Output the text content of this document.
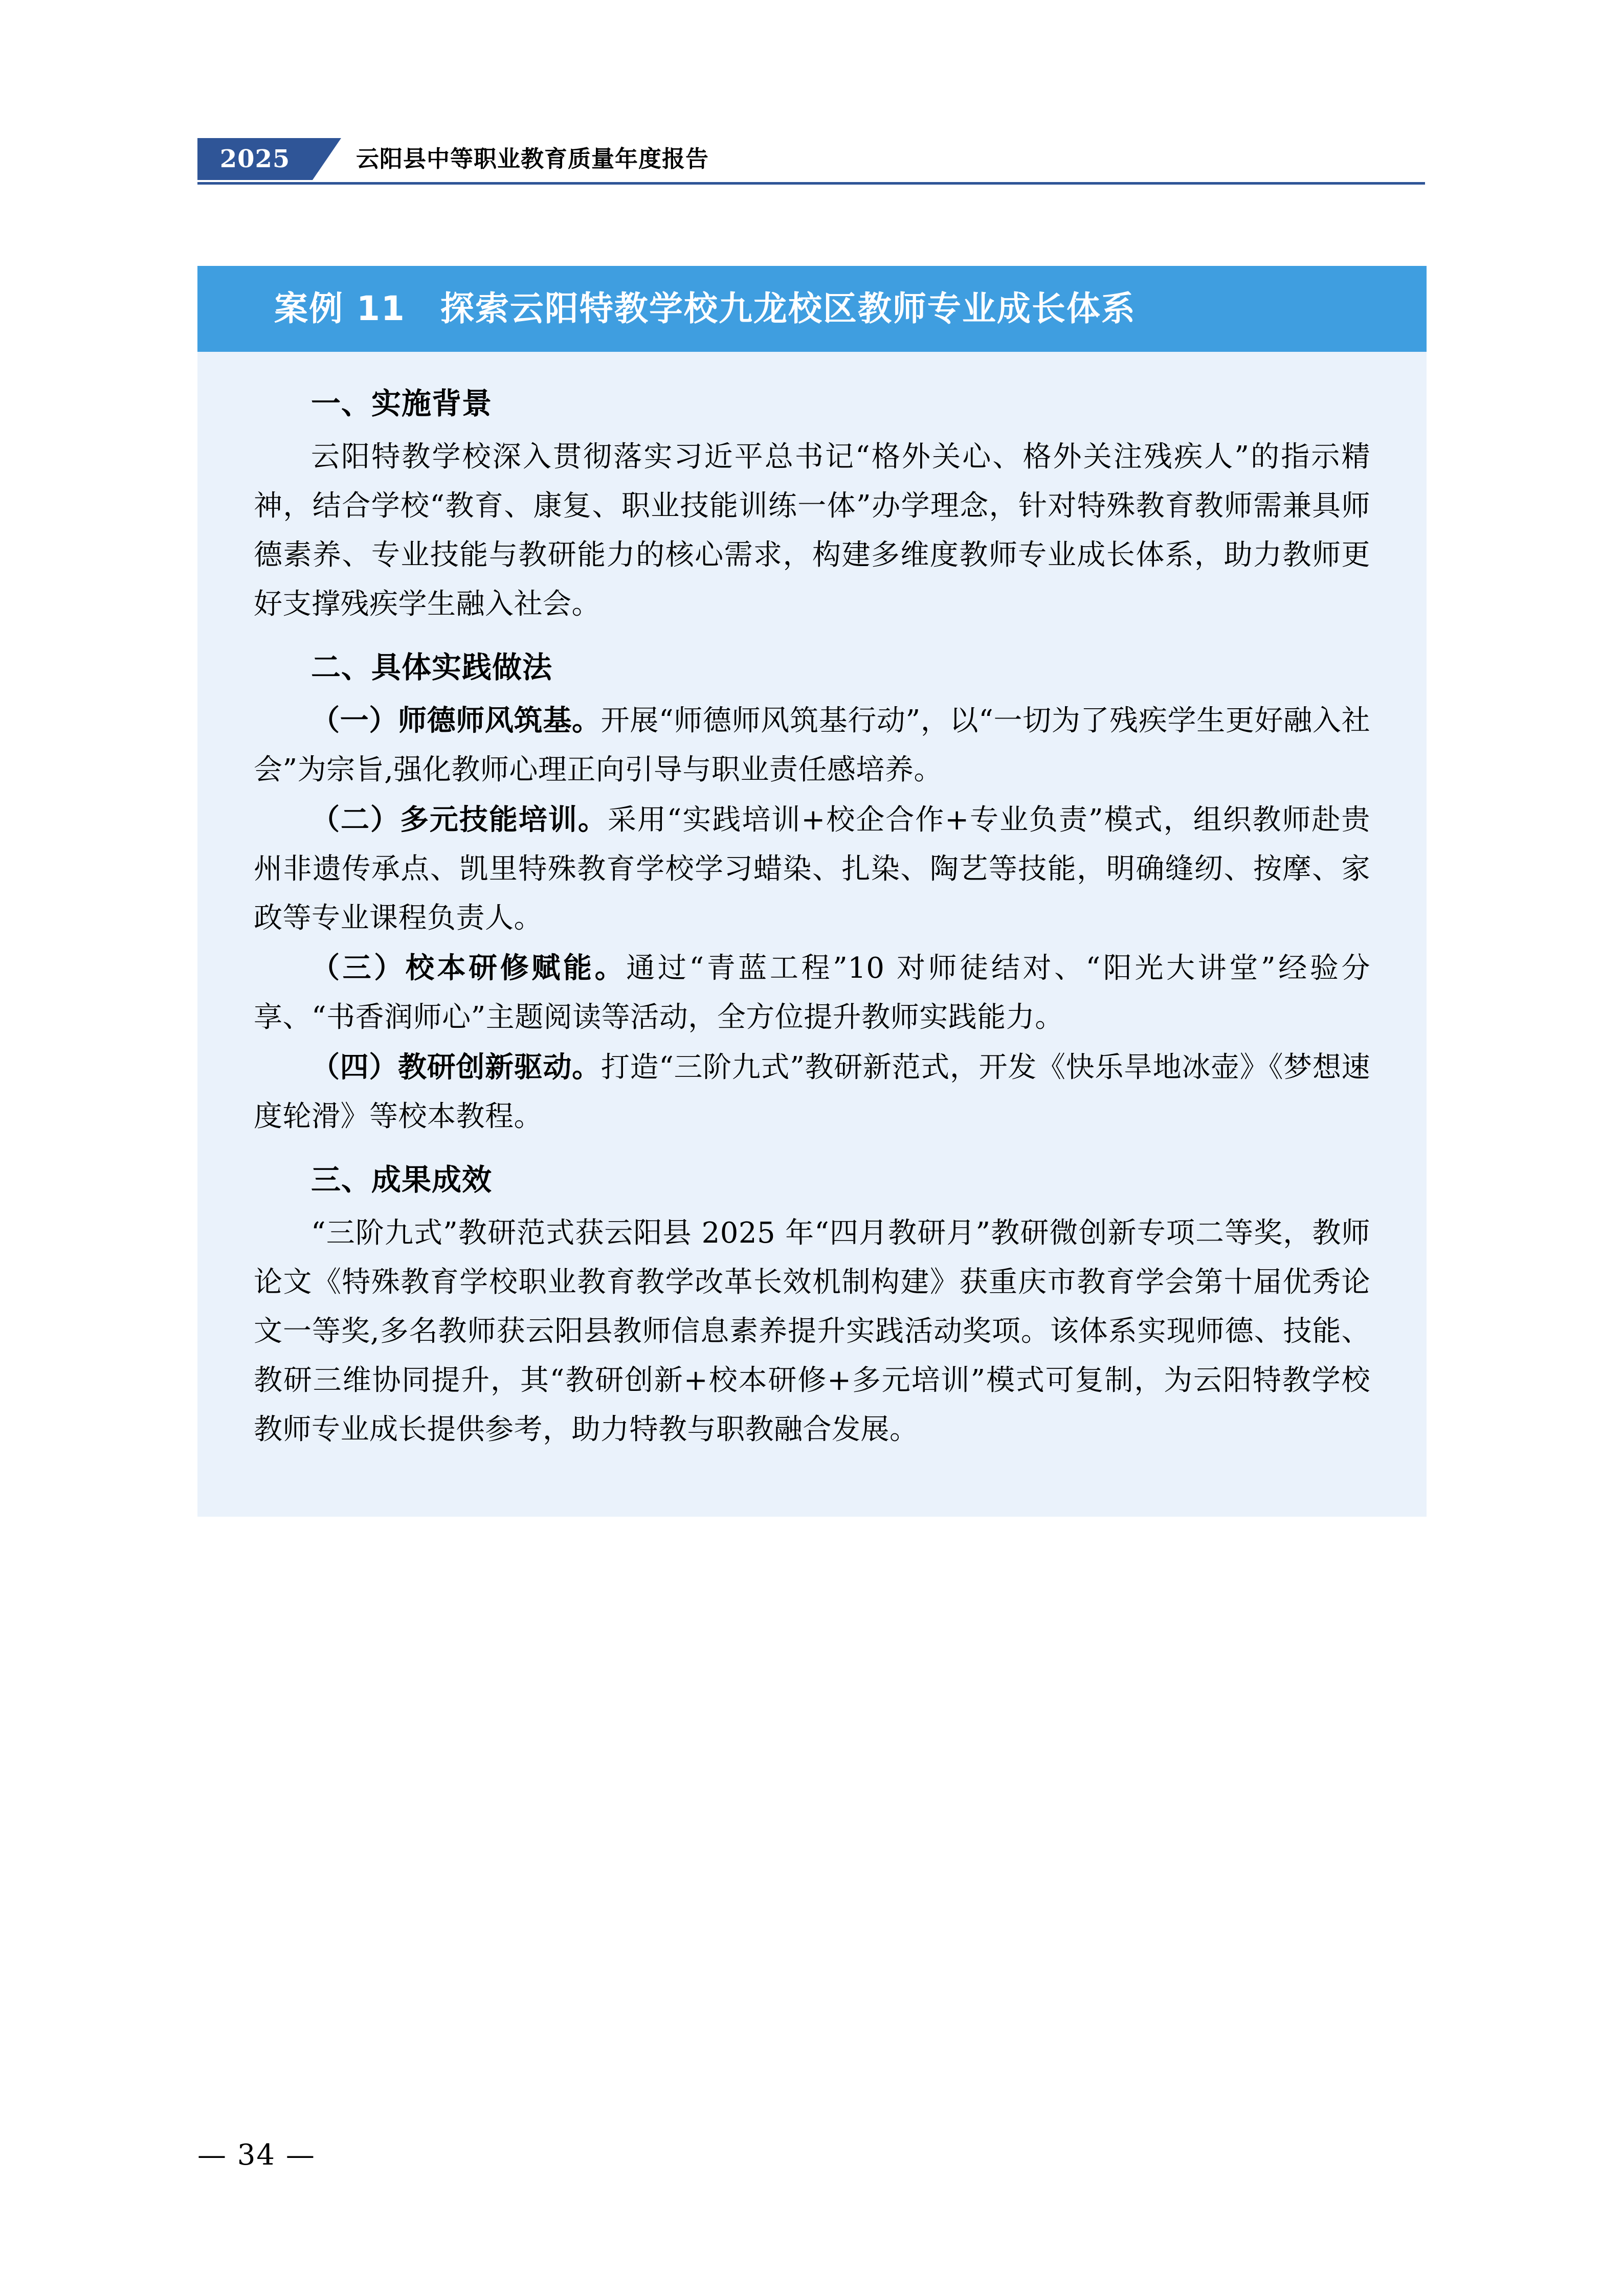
2025	云阳县中等职业教育质量年度报告
案例 11　探索云阳特教学校九龙校区教师专业成长体系
一、实施背景

云阳特教学校深入贯彻落实习近平总书记“格外关心、格外关注残疾人”的指示精神，结合学校“教育、康复、职业技能训练一体”办学理念，针对特殊教育教师需兼具师德素养、专业技能与教研能力的核心需求，构建多维度教师专业成长体系，助力教师更好支撑残疾学生融入社会。

二、具体实践做法

（一）师德师风筑基。开展“师德师风筑基行动”，以“一切为了残疾学生更好融入社会”为宗旨,强化教师心理正向引导与职业责任感培养。

（二）多元技能培训。采用“实践培训+校企合作+专业负责”模式，组织教师赴贵州非遗传承点、凯里特殊教育学校学习蜡染、扎染、陶艺等技能，明确缝纫、按摩、家政等专业课程负责人。

（三）校本研修赋能。通过“青蓝工程”10 对师徒结对、“阳光大讲堂”经验分享、“书香润师心”主题阅读等活动，全方位提升教师实践能力。

（四）教研创新驱动。打造“三阶九式”教研新范式，开发《快乐旱地冰壶》《梦想速度轮滑》等校本教程。

三、成果成效

“三阶九式”教研范式获云阳县 2025 年“四月教研月”教研微创新专项二等奖，教师论文《特殊教育学校职业教育教学改革长效机制构建》获重庆市教育学会第十届优秀论文一等奖,多名教师获云阳县教师信息素养提升实践活动奖项。该体系实现师德、技能、教研三维协同提升，其“教研创新+校本研修+多元培训”模式可复制，为云阳特教学校教师专业成长提供参考，助力特教与职教融合发展。

— 34 —
